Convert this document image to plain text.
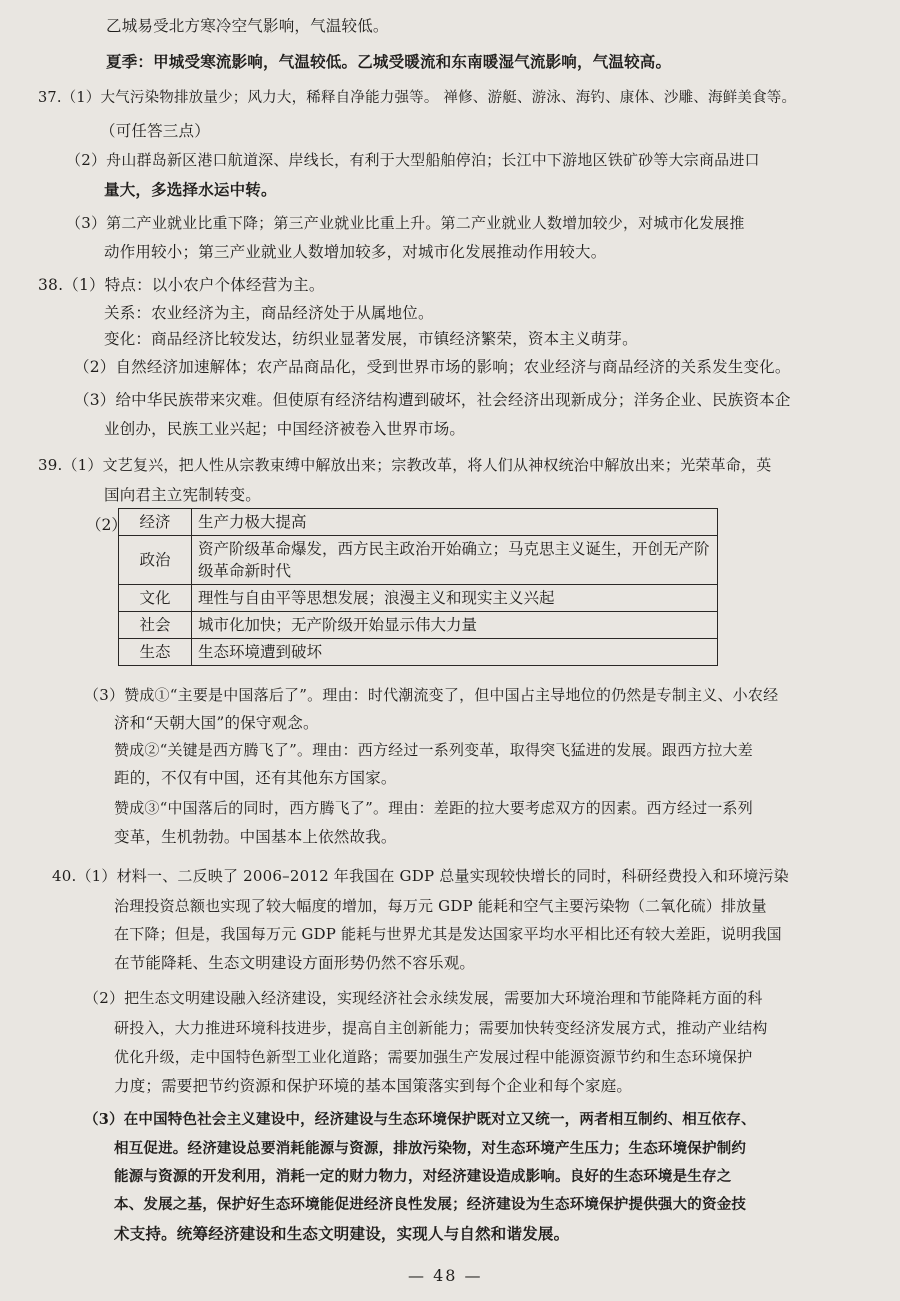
乙城易受北方寒冷空气影响，气温较低。
夏季：甲城受寒流影响，气温较低。乙城受暖流和东南暖湿气流影响，气温较高。
37.（1）大气污染物排放量少；风力大，稀释自净能力强等。 禅修、游艇、游泳、海钓、康体、沙雕、海鲜美食等。
（可任答三点）
（2）舟山群岛新区港口航道深、岸线长，有利于大型船舶停泊；长江中下游地区铁矿砂等大宗商品进口
量大，多选择水运中转。
（3）第二产业就业比重下降；第三产业就业比重上升。第二产业就业人数增加较少，对城市化发展推
动作用较小；第三产业就业人数增加较多，对城市化发展推动作用较大。
38.（1）特点：以小农户个体经营为主。
关系：农业经济为主，商品经济处于从属地位。
变化：商品经济比较发达，纺织业显著发展，市镇经济繁荣，资本主义萌芽。
（2）自然经济加速解体；农产品商品化，受到世界市场的影响；农业经济与商品经济的关系发生变化。
（3）给中华民族带来灾难。但使原有经济结构遭到破坏，社会经济出现新成分；洋务企业、民族资本企
业创办，民族工业兴起；中国经济被卷入世界市场。
39.（1）文艺复兴，把人性从宗教束缚中解放出来；宗教改革，将人们从神权统治中解放出来；光荣革命，英
国向君主立宪制转变。
（2） 经济	生产力极大提高
政治	资产阶级革命爆发，西方民主政治开始确立；马克思主义诞生，开创无产阶级革命新时代
文化	理性与自由平等思想发展；浪漫主义和现实主义兴起
社会	城市化加快；无产阶级开始显示伟大力量
生态	生态环境遭到破坏
（3）赞成①“主要是中国落后了”。理由：时代潮流变了，但中国占主导地位的仍然是专制主义、小农经
济和“天朝大国”的保守观念。
赞成②“关键是西方腾飞了”。理由：西方经过一系列变革，取得突飞猛进的发展。跟西方拉大差
距的，不仅有中国，还有其他东方国家。
赞成③“中国落后的同时，西方腾飞了”。理由：差距的拉大要考虑双方的因素。西方经过一系列
变革，生机勃勃。中国基本上依然故我。
40.（1）材料一、二反映了 2006–2012 年我国在 GDP 总量实现较快增长的同时，科研经费投入和环境污染
治理投资总额也实现了较大幅度的增加，每万元 GDP 能耗和空气主要污染物（二氧化硫）排放量
在下降；但是，我国每万元 GDP 能耗与世界尤其是发达国家平均水平相比还有较大差距，说明我国
在节能降耗、生态文明建设方面形势仍然不容乐观。
（2）把生态文明建设融入经济建设，实现经济社会永续发展，需要加大环境治理和节能降耗方面的科
研投入，大力推进环境科技进步，提高自主创新能力；需要加快转变经济发展方式，推动产业结构
优化升级，走中国特色新型工业化道路；需要加强生产发展过程中能源资源节约和生态环境保护
力度；需要把节约资源和保护环境的基本国策落实到每个企业和每个家庭。
（3）在中国特色社会主义建设中，经济建设与生态环境保护既对立又统一，两者相互制约、相互依存、
相互促进。经济建设总要消耗能源与资源，排放污染物，对生态环境产生压力；生态环境保护制约
能源与资源的开发利用，消耗一定的财力物力，对经济建设造成影响。良好的生态环境是生存之
本、发展之基，保护好生态环境能促进经济良性发展；经济建设为生态环境保护提供强大的资金技
术支持。统筹经济建设和生态文明建设，实现人与自然和谐发展。
— 48 —
